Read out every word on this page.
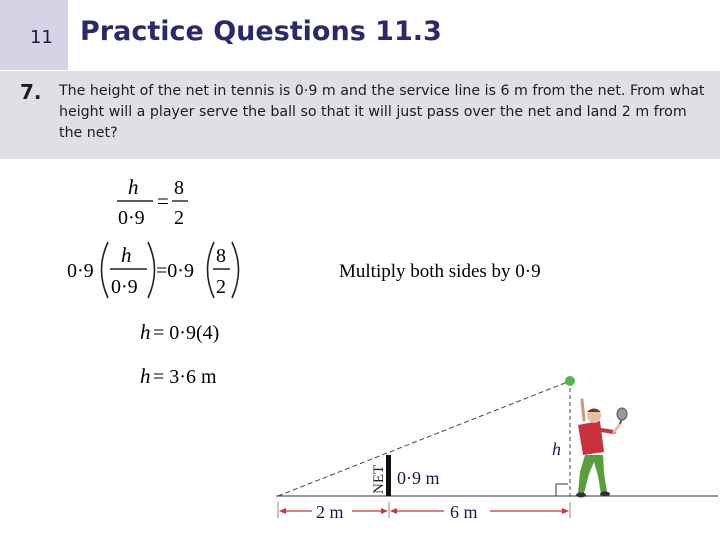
11 Practice Questions 11.3
7. The height of the net in tennis is 0·9 m and the service line is 6 m from the net. From what height will a player serve the ball so that it will just pass over the net and land 2 m from the net?
h
0·9
=
8
2
0·9
h
0·9
=0·9
8
2
Multiply both sides by 0·9
h = 0·9(4)
h = 3·6 m
NET 0·9 m
h
2 m	6 m
